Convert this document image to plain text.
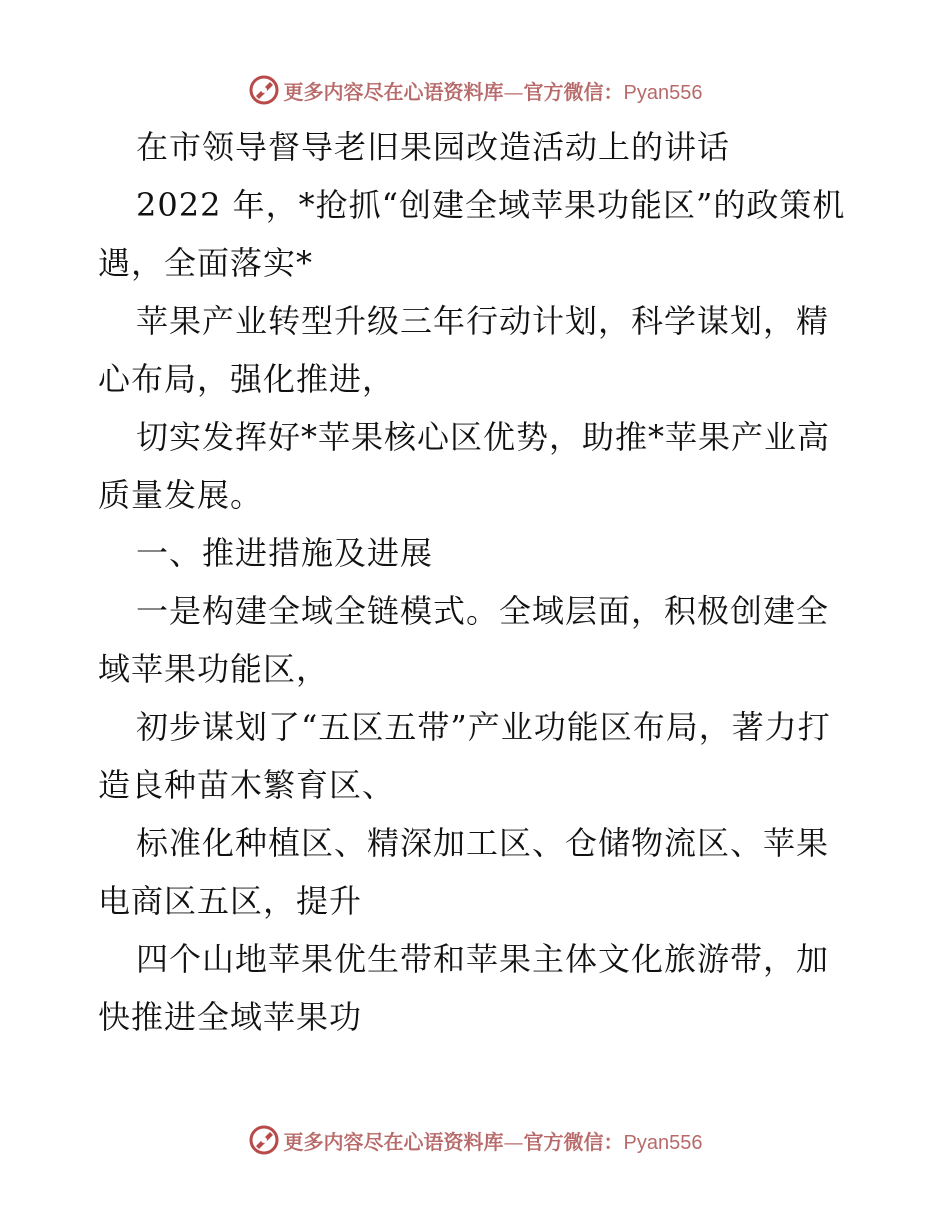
更多内容尽在心语资料库—官方微信：Pyan556

在市领导督导老旧果园改造活动上的讲话

2022 年，*抢抓“创建全域苹果功能区”的政策机遇，全面落实*

苹果产业转型升级三年行动计划，科学谋划，精心布局，强化推进，

切实发挥好*苹果核心区优势，助推*苹果产业高质量发展。

一、推进措施及进展

一是构建全域全链模式。全域层面，积极创建全域苹果功能区，

初步谋划了“五区五带”产业功能区布局，著力打造良种苗木繁育区、

标准化种植区、精深加工区、仓储物流区、苹果电商区五区，提升

四个山地苹果优生带和苹果主体文化旅游带，加快推进全域苹果功

更多内容尽在心语资料库—官方微信：Pyan556
